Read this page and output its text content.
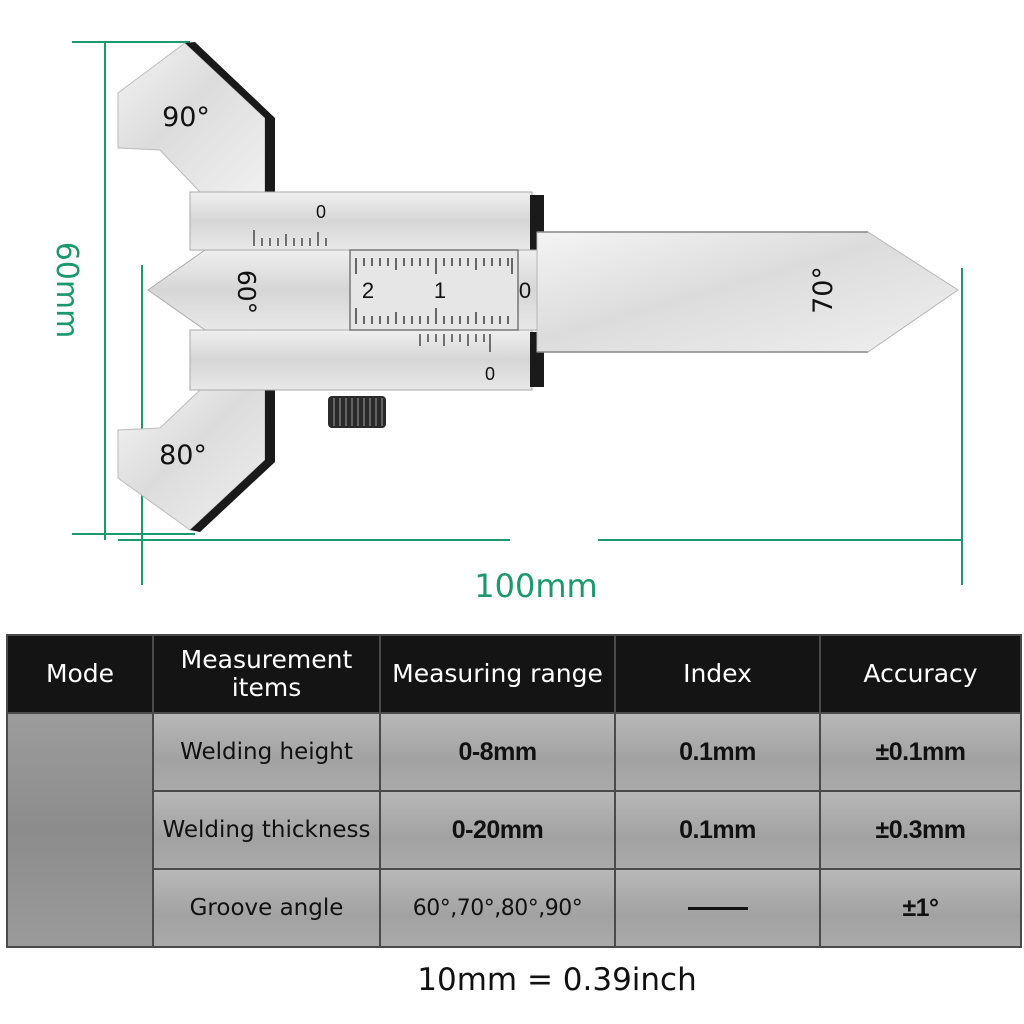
60mm
100mm
2	1	0
0
0
90°
80°
60°	70°
Mode	Measurement items	Measuring range	Index	Accuracy
	Welding height	0-8mm	0.1mm	±0.1mm
	Welding thickness	0-20mm	0.1mm	±0.3mm
	Groove angle	60°,70°,80°,90°		±1°
10mm = 0.39inch
